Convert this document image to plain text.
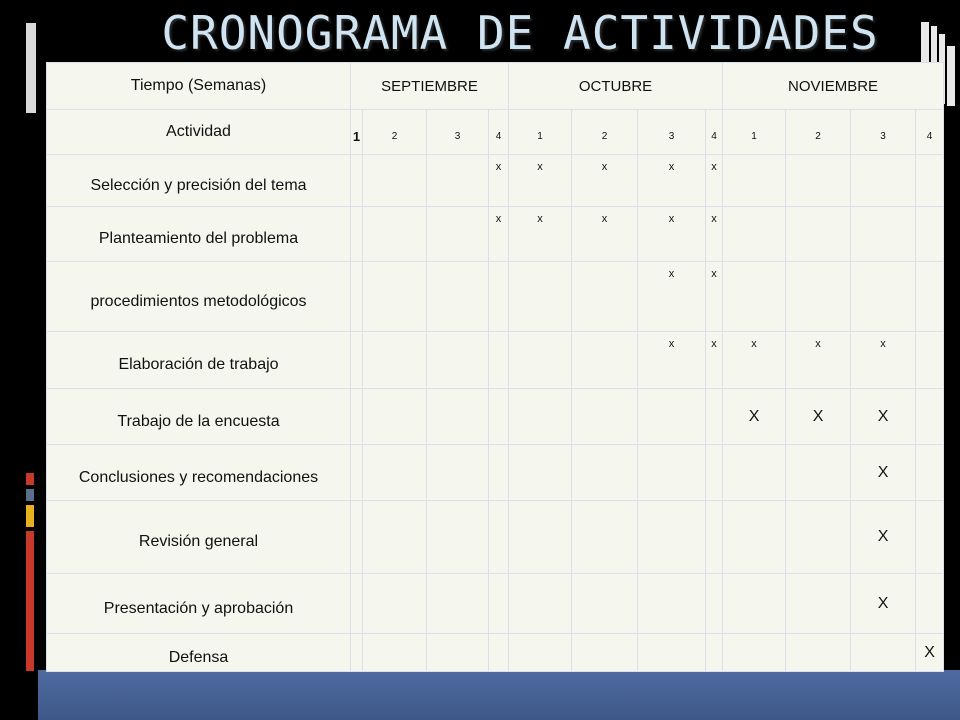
CRONOGRAMA DE ACTIVIDADES
Tiempo (Semanas)	SEPTIEMBRE				OCTUBRE				NOVIEMBRE			
Actividad	1	2	3	4	1	2	3	4	1	2	3	4
Selección y precisión del tema				x	x	x	x	x				
Planteamiento del problema				x	x	x	x	x				
procedimientos metodológicos							x	x				
Elaboración de trabajo							x	x	x	x	x	
Trabajo de la encuesta									X	X	X	
Conclusiones y recomendaciones											X	
Revisión general											X	
Presentación y aprobación											X	
Defensa												X
